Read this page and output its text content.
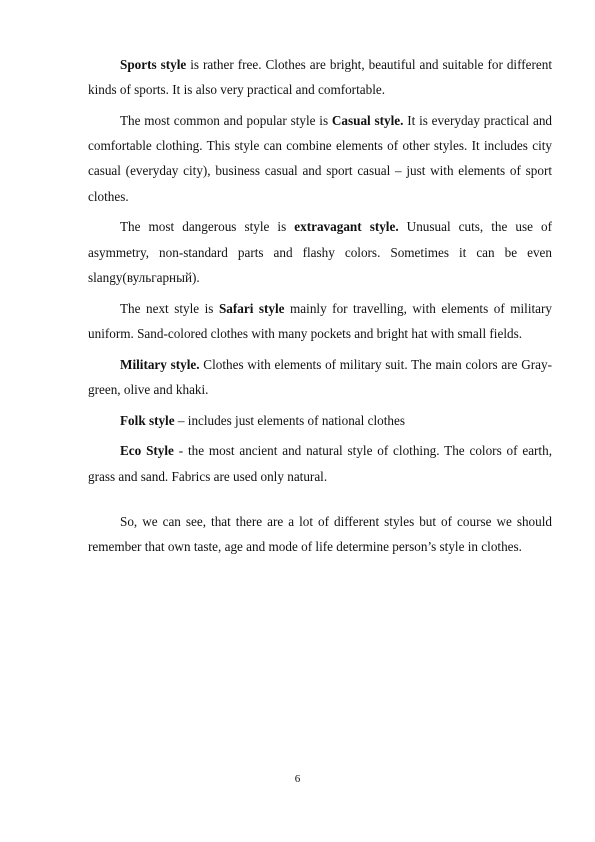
Sports style is rather free. Clothes are bright, beautiful and suitable for different kinds of sports. It is also very practical and comfortable.

The most common and popular style is Casual style. It is everyday practical and comfortable clothing. This style can combine elements of other styles. It includes city casual (everyday city), business casual and sport casual – just with elements of sport clothes.

The most dangerous style is extravagant style. Unusual cuts, the use of asymmetry, non-standard parts and flashy colors. Sometimes it can be even slangy(вульгарный).

The next style is Safari style mainly for travelling, with elements of military uniform. Sand-colored clothes with many pockets and bright hat with small fields.

Military style. Clothes with elements of military suit. The main colors are Gray-green, olive and khaki.

Folk style – includes just elements of national clothes

Eco Style - the most ancient and natural style of clothing. The colors of earth, grass and sand. Fabrics are used only natural.

So, we can see, that there are a lot of different styles but of course we should remember that own taste, age and mode of life determine person’s style in clothes.

6
